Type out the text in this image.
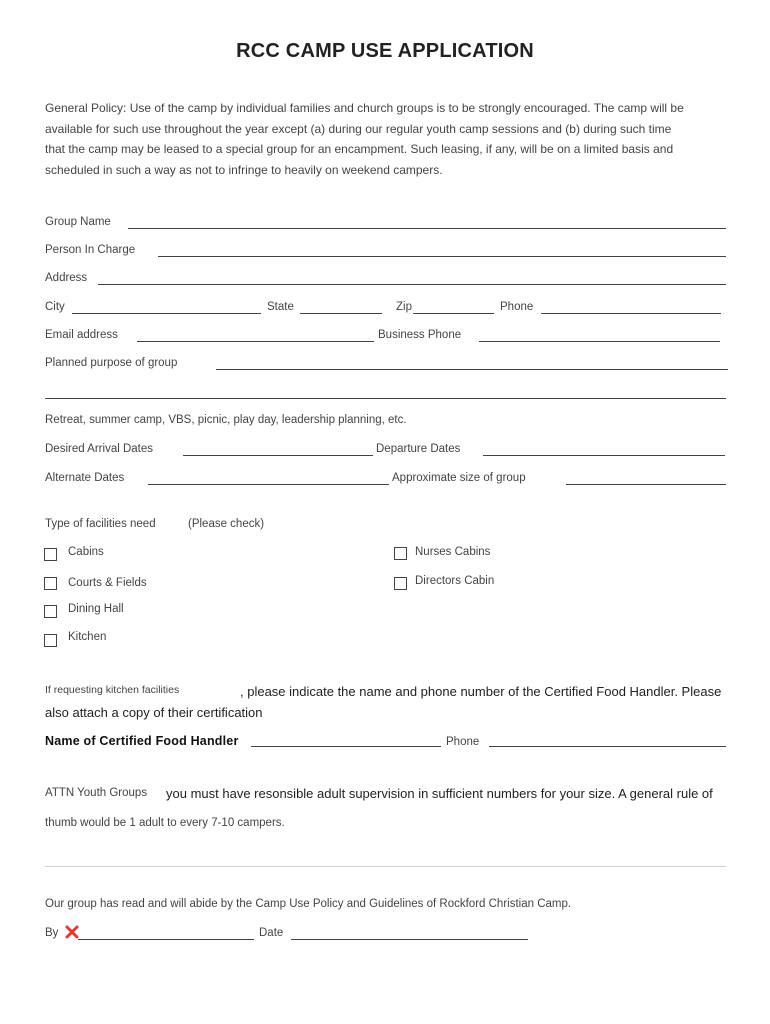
RCC CAMP USE APPLICATION
General Policy: Use of the camp by individual families and church groups is to be strongly encouraged. The camp will be
available for such use throughout the year except (a) during our regular youth camp sessions and (b) during such time
that the camp may be leased to a special group for an encampment. Such leasing, if any, will be on a limited basis and
scheduled in such a way as not to infringe to heavily on weekend campers.
Group Name
Person In Charge
Address
City	State	Zip	Phone
Email address	Business Phone
Planned purpose of group
Retreat, summer camp, VBS, picnic, play day, leadership planning, etc.
Desired Arrival Dates	Departure Dates
Alternate Dates	Approximate size of group
Type of facilities need	(Please check)
Cabins	Nurses Cabins
Courts & Fields	Directors Cabin
Dining Hall
Kitchen
If requesting kitchen facilities	, please indicate the name and phone number of the Certified Food Handler. Please
also attach a copy of their certification
Name of Certified Food Handler	Phone
ATTN Youth Groups you must have resonsible adult supervision in sufficient numbers for your size. A general rule of
thumb would be 1 adult to every 7-10 campers.
Our group has read and will abide by the Camp Use Policy and Guidelines of Rockford Christian Camp.
By	Date
